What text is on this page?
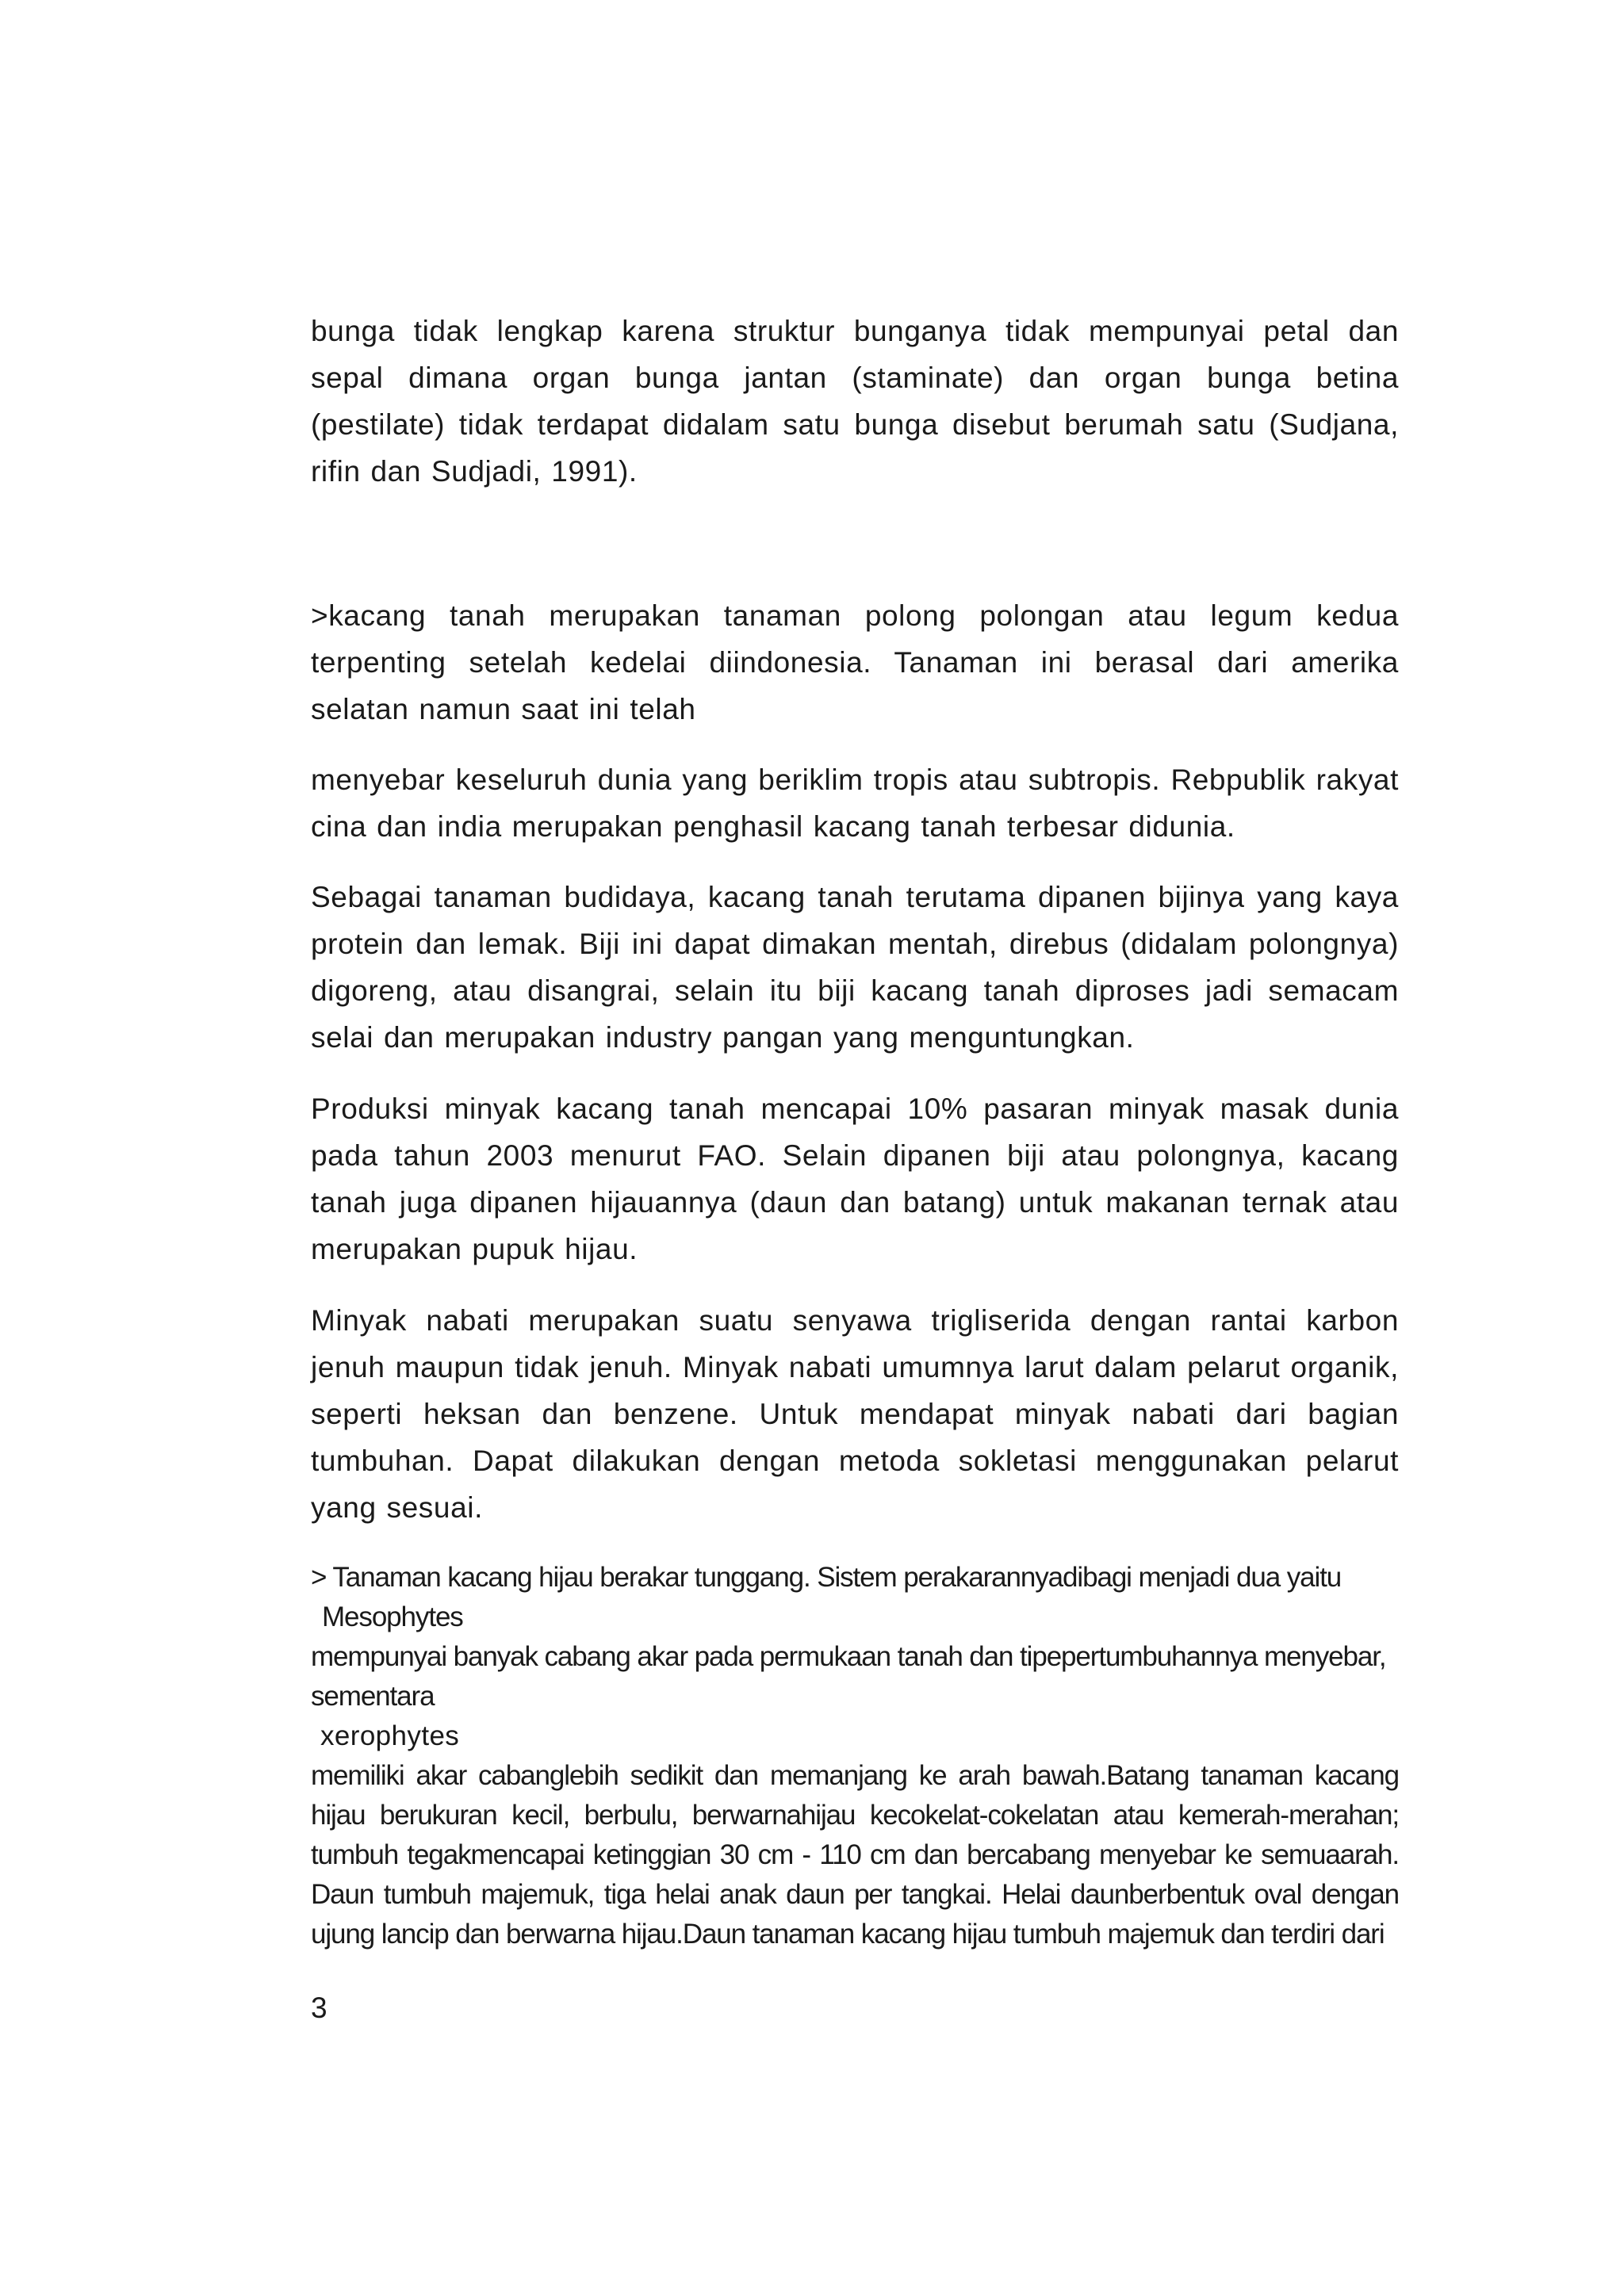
bunga tidak lengkap karena struktur bunganya tidak mempunyai petal dan sepal dimana organ bunga jantan (staminate) dan organ bunga betina (pestilate) tidak terdapat didalam satu bunga disebut berumah satu (Sudjana, rifin dan Sudjadi, 1991).

>kacang tanah merupakan tanaman polong polongan atau legum kedua terpenting setelah kedelai diindonesia. Tanaman ini berasal dari amerika selatan namun saat ini telah

menyebar keseluruh dunia yang beriklim tropis atau subtropis. Rebpublik rakyat cina dan india merupakan penghasil kacang tanah terbesar didunia.

Sebagai tanaman budidaya, kacang tanah terutama dipanen bijinya yang kaya protein dan lemak. Biji ini dapat dimakan mentah, direbus (didalam polongnya) digoreng, atau disangrai, selain itu biji kacang tanah diproses jadi semacam selai dan merupakan industry pangan yang menguntungkan.

Produksi minyak kacang tanah mencapai 10% pasaran minyak masak dunia pada tahun 2003 menurut FAO. Selain dipanen biji atau polongnya, kacang tanah juga dipanen hijauannya (daun dan batang) untuk makanan ternak atau merupakan pupuk hijau.

Minyak nabati merupakan suatu senyawa trigliserida dengan rantai karbon jenuh maupun tidak jenuh. Minyak nabati umumnya larut dalam pelarut organik, seperti heksan dan benzene. Untuk mendapat minyak nabati dari bagian tumbuhan. Dapat dilakukan dengan metoda sokletasi menggunakan pelarut yang sesuai.

> Tanaman kacang hijau berakar tunggang. Sistem perakarannyadibagi menjadi dua yaitu
Mesophytes
mempunyai banyak cabang akar pada permukaan tanah dan tipepertumbuhannya menyebar,
sementara
xerophytes

memiliki akar cabanglebih sedikit dan memanjang ke arah bawah.Batang tanaman kacang hijau berukuran kecil, berbulu, berwarnahijau kecokelat-cokelatan atau kemerah-merahan; tumbuh tegakmencapai ketinggian 30 cm - 110 cm dan bercabang menyebar ke semuaarah. Daun tumbuh majemuk, tiga helai anak daun per tangkai. Helai daunberbentuk oval dengan ujung lancip dan berwarna hijau.Daun tanaman kacang hijau tumbuh majemuk dan terdiri dari

3
